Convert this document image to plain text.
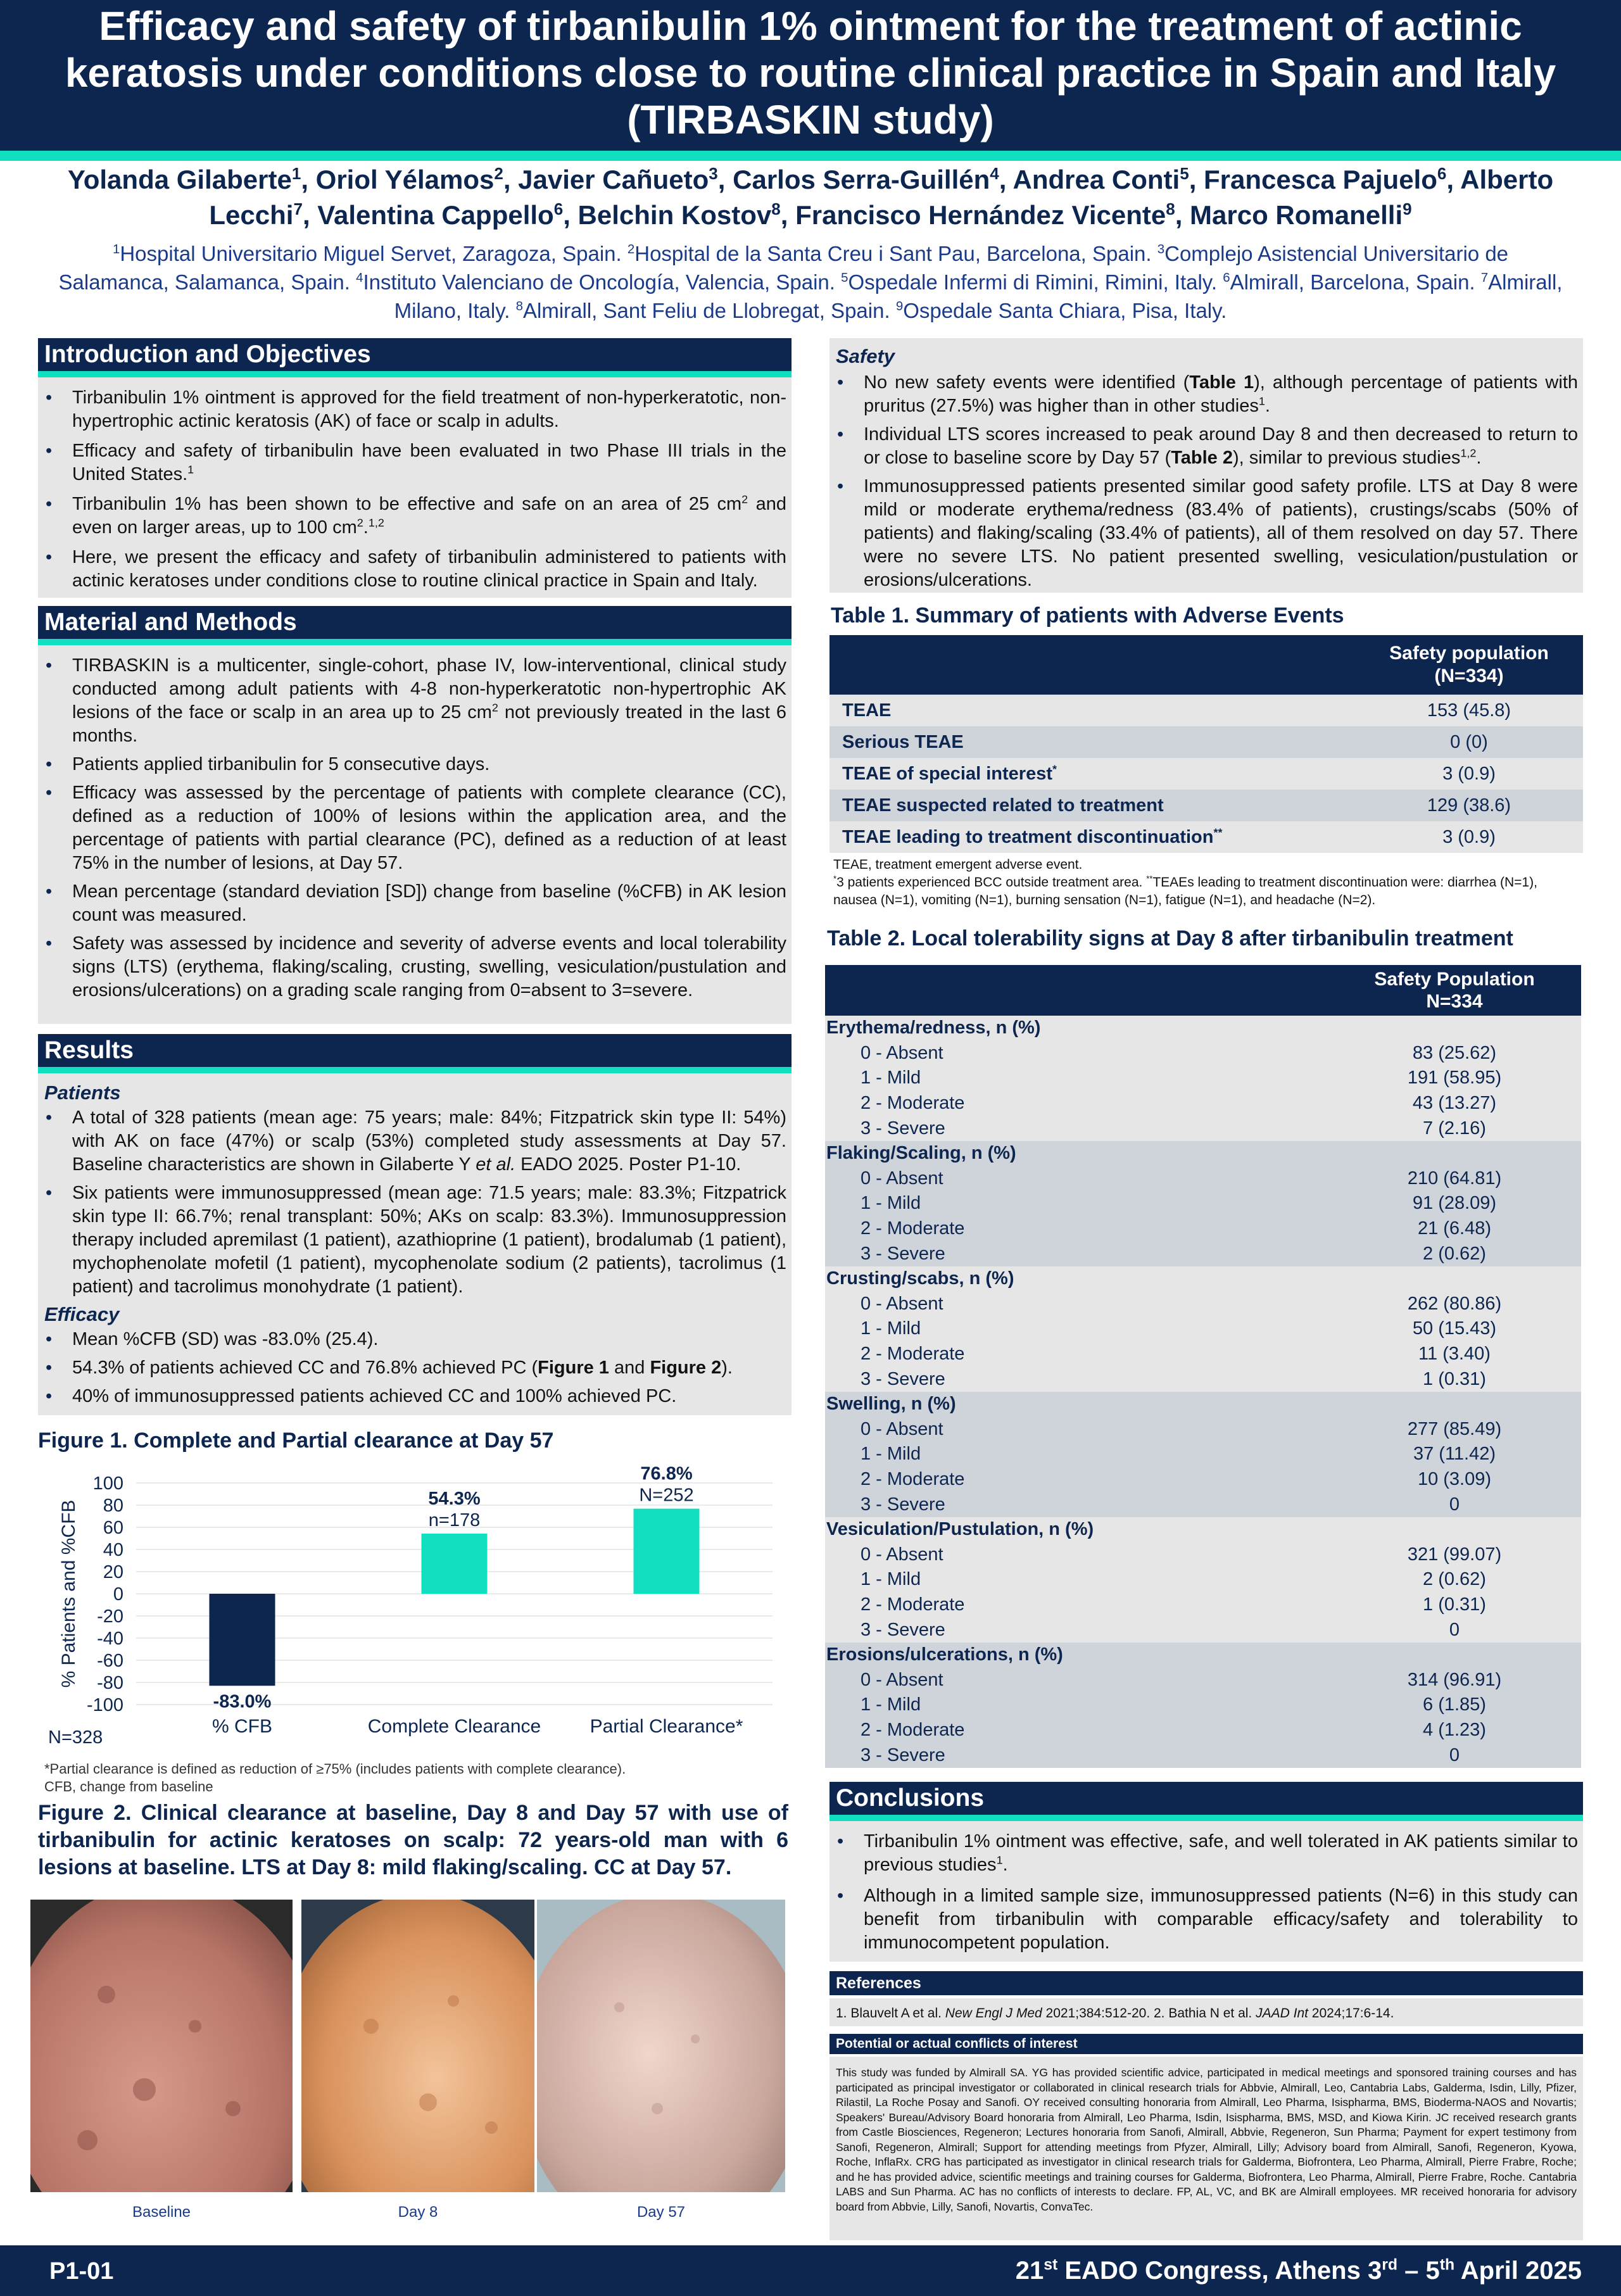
Efficacy and safety of tirbanibulin 1% ointment for the treatment of actinic keratosis under conditions close to routine clinical practice in Spain and Italy (TIRBASKIN study)
Yolanda Gilaberte$^1$, Oriol Yélamos$^2$, Javier Cañueto$^3$, Carlos Serra-Guillén$^4$, Andrea Conti$^5$, Francesca Pajuelo$^6$, Alberto Lecchi$^7$, Valentina Cappello$^6$, Belchin Kostov$^8$, Francisco Hernández Vicente$^8$, Marco Romanelli$^9$
$^1$Hospital Universitario Miguel Servet, Zaragoza, Spain. $^2$Hospital de la Santa Creu i Sant Pau, Barcelona, Spain. $^3$Complejo Asistencial Universitario de Salamanca, Salamanca, Spain. $^4$Instituto Valenciano de Oncología, Valencia, Spain. $^5$Ospedale Infermi di Rimini, Rimini, Italy. $^6$Almirall, Barcelona, Spain. $^7$Almirall, Milano, Italy. $^8$Almirall, Sant Feliu de Llobregat, Spain. $^9$Ospedale Santa Chiara, Pisa, Italy.
Introduction and Objectives
• Tirbanibulin 1% ointment is approved for the field treatment of non-hyperkeratotic, non-hypertrophic actinic keratosis (AK) of face or scalp in adults.
• Efficacy and safety of tirbanibulin have been evaluated in two Phase III trials in the United States.$^1$
• Tirbanibulin 1% has been shown to be effective and safe on an area of 25 $cm^2$ and even on larger areas, up to 100 $cm^2.^{1,2}$
• Here, we present the efficacy and safety of tirbanibulin administered to patients with actinic keratoses under conditions close to routine clinical practice in Spain and Italy.
Material and Methods
• TIRBASKIN is a multicenter, single-cohort, phase IV, low-interventional, clinical study conducted among adult patients with 4-8 non-hyperkeratotic non-hypertrophic AK lesions of the face or scalp in an area up to 25 $cm^2$ not previously treated in the last 6 months.
• Patients applied tirbanibulin for 5 consecutive days.
• Efficacy was assessed by the percentage of patients with complete clearance (CC), defined as a reduction of 100% of lesions within the application area, and the percentage of patients with partial clearance (PC), defined as a reduction of at least 75% in the number of lesions, at Day 57.
• Mean percentage (standard deviation [SD]) change from baseline (%CFB) in AK lesion count was measured.
• Safety was assessed by incidence and severity of adverse events and local tolerability signs (LTS) (erythema, flaking/scaling, crusting, swelling, vesiculation/pustulation and erosions/ulcerations) on a grading scale ranging from 0=absent to 3=severe.
Results
Patients
• A total of 328 patients (mean age: 75 years; male: 84%; Fitzpatrick skin type II: 54%) with AK on face (47%) or scalp (53%) completed study assessments at Day 57. Baseline characteristics are shown in Gilaberte Y et al. EADO 2025. Poster P1-10.
• Six patients were immunosuppressed (mean age: 71.5 years; male: 83.3%; Fitzpatrick skin type II: 66.7%; renal transplant: 50%; AKs on scalp: 83.3%). Immunosuppression therapy included apremilast (1 patient), azathioprine (1 patient), brodalumab (1 patient), mychophenolate mofetil (1 patient), mycophenolate sodium (2 patients), tacrolimus (1 patient) and tacrolimus monohydrate (1 patient).
Efficacy
• Mean %CFB (SD) was -83.0% (25.4).
• 54.3% of patients achieved CC and 76.8% achieved PC (Figure 1 and Figure 2).
• 40% of immunosuppressed patients achieved CC and 100% achieved PC.
Figure 1. Complete and Partial clearance at Day 57
100
80
60
40
20
0
-20
-40
-60
-80
-100
% Patients and %CFB
% CFB
-83.0%
Complete Clearance
54.3%
n=178
Partial Clearance*
76.8%
N=252
N=328
*Partial clearance is defined as reduction of ≥75% (includes patients with complete clearance).
CFB, change from baseline
Figure 2. Clinical clearance at baseline, Day 8 and Day 57 with use of tirbanibulin for actinic keratoses on scalp: 72 years-old man with 6 lesions at baseline. LTS at Day 8: mild flaking/scaling. CC at Day 57.
Baseline	Day 8	Day 57
Safety
• No new safety events were identified (Table 1), although percentage of patients with pruritus (27.5%) was higher than in other studies$^1$.
• Individual LTS scores increased to peak around Day 8 and then decreased to return to or close to baseline score by Day 57 (Table 2), similar to previous studies$^{1,2}$.
• Immunosuppressed patients presented similar good safety profile. LTS at Day 8 were mild or moderate erythema/redness (83.4% of patients), crustings/scabs (50% of patients) and flaking/scaling (33.4% of patients), all of them resolved on day 57. There were no severe LTS. No patient presented swelling, vesiculation/pustulation or erosions/ulcerations.
Table 1. Summary of patients with Adverse Events

	Safety population
(N=334)

TEAE	153 (45.8)
Serious TEAE	0 (0)
TEAE of special interest*	3 (0.9)
TEAE suspected related to treatment	129 (38.6)
TEAE leading to treatment discontinuation**	3 (0.9)
TEAE, treatment emergent adverse event.
*3 patients experienced BCC outside treatment area. **TEAEs leading to treatment discontinuation were: diarrhea (N=1), nausea (N=1), vomiting (N=1), burning sensation (N=1), fatigue (N=1), and headache (N=2).
Table 2. Local tolerability signs at Day 8 after tirbanibulin treatment

	Safety Population
N=334

Erythema/redness, n (%)	
0 - Absent	83 (25.62)
1 - Mild	191 (58.95)
2 - Moderate	43 (13.27)
3 - Severe	7 (2.16)
Flaking/Scaling, n (%)	
0 - Absent	210 (64.81)
1 - Mild	91 (28.09)
2 - Moderate	21 (6.48)
3 - Severe	2 (0.62)
Crusting/scabs, n (%)	
0 - Absent	262 (80.86)
1 - Mild	50 (15.43)
2 - Moderate	11 (3.40)
3 - Severe	1 (0.31)
Swelling, n (%)	
0 - Absent	277 (85.49)
1 - Mild	37 (11.42)
2 - Moderate	10 (3.09)
3 - Severe	0
Vesiculation/Pustulation, n (%)	
0 - Absent	321 (99.07)
1 - Mild	2 (0.62)
2 - Moderate	1 (0.31)
3 - Severe	0
Erosions/ulcerations, n (%)	
0 - Absent	314 (96.91)
1 - Mild	6 (1.85)
2 - Moderate	4 (1.23)
3 - Severe	0
Conclusions
• Tirbanibulin 1% ointment was effective, safe, and well tolerated in AK patients similar to previous studies$^1$.
• Although in a limited sample size, immunosuppressed patients (N=6) in this study can benefit from tirbanibulin with comparable efficacy/safety and tolerability to immunocompetent population.
References
1. Blauvelt A et al. New Engl J Med 2021;384:512-20. 2. Bathia N et al. JAAD Int 2024;17:6-14.
Potential or actual conflicts of interest
This study was funded by Almirall SA. YG has provided scientific advice, participated in medical meetings and sponsored training courses and has participated as principal investigator or collaborated in clinical research trials for Abbvie, Almirall, Leo, Cantabria Labs, Galderma, Isdin, Lilly, Pfizer, Rilastil, La Roche Posay and Sanofi. OY received consulting honoraria from Almirall, Leo Pharma, Isispharma, BMS, Bioderma-NAOS and Novartis; Speakers' Bureau/Advisory Board honoraria from Almirall, Leo Pharma, Isdin, Isispharma, BMS, MSD, and Kiowa Kirin. JC received research grants from Castle Biosciences, Regeneron; Lectures honoraria from Sanofi, Almirall, Abbvie, Regeneron, Sun Pharma; Payment for expert testimony from Sanofi, Regeneron, Almirall; Support for attending meetings from Pfyzer, Almirall, Lilly; Advisory board from Almirall, Sanofi, Regeneron, Kyowa, Roche, InflaRx. CRG has participated as investigator in clinical research trials for Galderma, Biofrontera, Leo Pharma, Almirall, Pierre Frabre, Roche; and he has provided advice, scientific meetings and training courses for Galderma, Biofrontera, Leo Pharma, Almirall, Pierre Frabre, Roche. Cantabria LABS and Sun Pharma. AC has no conflicts of interests to declare. FP, AL, VC, and BK are Almirall employees. MR received honoraria for advisory board from Abbvie, Lilly, Sanofi, Novartis, ConvaTec.
P1-01	21st EADO Congress, Athens 3rd – 5th April 2025
